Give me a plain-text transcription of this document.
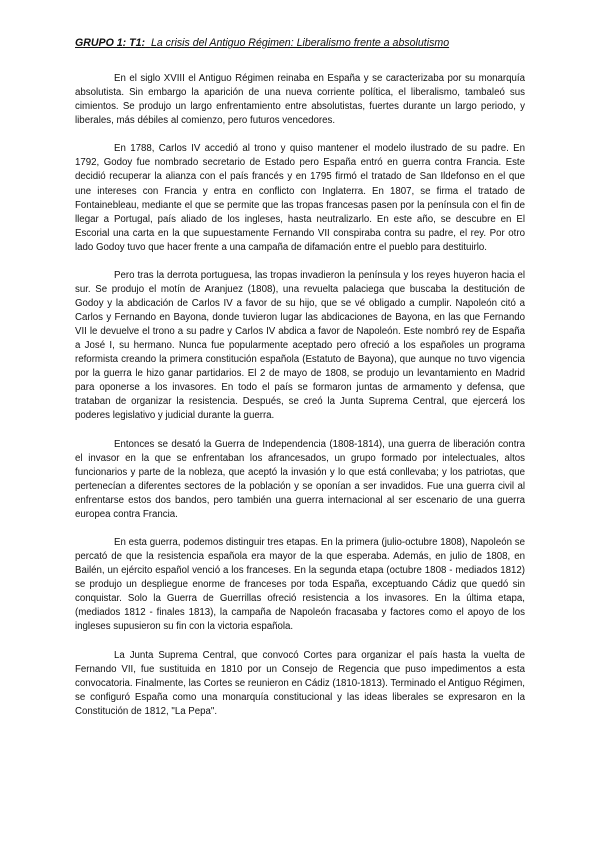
GRUPO 1: T1: La crisis del Antiguo Régimen: Liberalismo frente a absolutismo

En el siglo XVIII el Antiguo Régimen reinaba en España y se caracterizaba por su monarquía absolutista. Sin embargo la aparición de una nueva corriente política, el liberalismo, tambaleó sus cimientos. Se produjo un largo enfrentamiento entre absolutistas, fuertes durante un largo periodo, y liberales, más débiles al comienzo, pero futuros vencedores.

En 1788, Carlos IV accedió al trono y quiso mantener el modelo ilustrado de su padre. En 1792, Godoy fue nombrado secretario de Estado pero España entró en guerra contra Francia. Este decidió recuperar la alianza con el país francés y en 1795 firmó el tratado de San Ildefonso en el que une intereses con Francia y entra en conflicto con Inglaterra. En 1807, se firma el tratado de Fontainebleau, mediante el que se permite que las tropas francesas pasen por la península con el fin de llegar a Portugal, país aliado de los ingleses, hasta neutralizarlo. En este año, se descubre en El Escorial una carta en la que supuestamente Fernando VII conspiraba contra su padre, el rey. Por otro lado Godoy tuvo que hacer frente a una campaña de difamación entre el pueblo para destituirlo.

Pero tras la derrota portuguesa, las tropas invadieron la península y los reyes huyeron hacia el sur. Se produjo el motín de Aranjuez (1808), una revuelta palaciega que buscaba la destitución de Godoy y la abdicación de Carlos IV a favor de su hijo, que se vé obligado a cumplir. Napoleón citó a Carlos y Fernando en Bayona, donde tuvieron lugar las abdicaciones de Bayona, en las que Fernando VII le devuelve el trono a su padre y Carlos IV abdica a favor de Napoleón. Este nombró rey de España a José I, su hermano. Nunca fue popularmente aceptado pero ofreció a los españoles un programa reformista creando la primera constitución española (Estatuto de Bayona), que aunque no tuvo vigencia por la guerra le hizo ganar partidarios. El 2 de mayo de 1808, se produjo un levantamiento en Madrid para oponerse a los invasores. En todo el país se formaron juntas de armamento y defensa, que trataban de organizar la resistencia. Después, se creó la Junta Suprema Central, que ejercerá los poderes legislativo y judicial durante la guerra.

Entonces se desató la Guerra de Independencia (1808-1814), una guerra de liberación contra el invasor en la que se enfrentaban los afrancesados, un grupo formado por intelectuales, altos funcionarios y parte de la nobleza, que aceptó la invasión y lo que está conllevaba; y los patriotas, que pertenecían a diferentes sectores de la población y se oponían a ser invadidos. Fue una guerra civil al enfrentarse estos dos bandos, pero también una guerra internacional al ser escenario de una guerra europea contra Francia.

En esta guerra, podemos distinguir tres etapas. En la primera (julio-octubre 1808), Napoleón se percató de que la resistencia española era mayor de la que esperaba. Además, en julio de 1808, en Bailén, un ejército español venció a los franceses. En la segunda etapa (octubre 1808 - mediados 1812) se produjo un despliegue enorme de franceses por toda España, exceptuando Cádiz que quedó sin conquistar. Solo la Guerra de Guerrillas ofreció resistencia a los invasores. En la última etapa, (mediados 1812 - finales 1813), la campaña de Napoleón fracasaba y factores como el apoyo de los ingleses supusieron su fin con la victoria española.

La Junta Suprema Central, que convocó Cortes para organizar el país hasta la vuelta de Fernando VII, fue sustituida en 1810 por un Consejo de Regencia que puso impedimentos a esta convocatoria. Finalmente, las Cortes se reunieron en Cádiz (1810-1813). Terminado el Antiguo Régimen, se configuró España como una monarquía constitucional y las ideas liberales se expresaron en la Constitución de 1812, "La Pepa".
